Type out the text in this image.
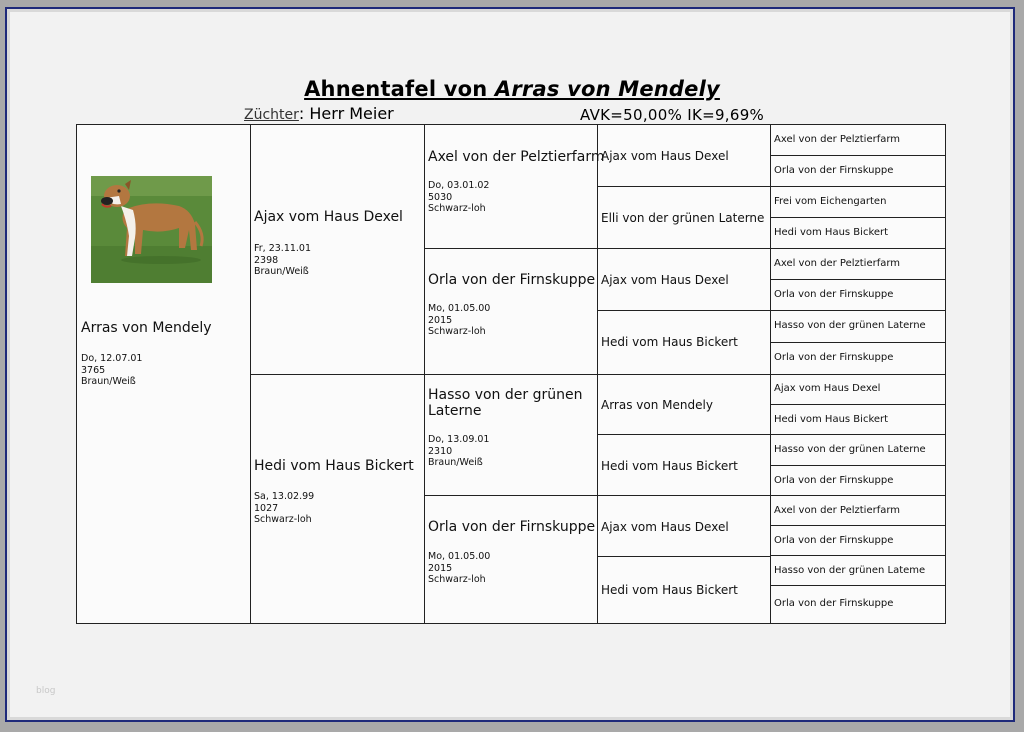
Ahnentafel von Arras von Mendely
Züchter: Herr Meier	AVK=50,00% IK=9,69%
Arras von Mendely
Do, 12.07.01
3765
Braun/Weiß
Ajax vom Haus Dexel
Fr, 23.11.01
2398
Braun/Weiß
Hedi vom Haus Bickert
Sa, 13.02.99
1027
Schwarz-loh
Axel von der Pelztierfarm
Do, 03.01.02
5030
Schwarz-loh
Orla von der Firnskuppe
Mo, 01.05.00
2015
Schwarz-loh
Hasso von der grünen
Laterne
Do, 13.09.01
2310
Braun/Weiß
Orla von der Firnskuppe
Mo, 01.05.00
2015
Schwarz-loh
Ajax vom Haus Dexel
Elli von der grünen Laterne
Ajax vom Haus Dexel
Hedi vom Haus Bickert
Arras von Mendely
Hedi vom Haus Bickert
Ajax vom Haus Dexel
Hedi vom Haus Bickert
Axel von der Pelztierfarm
Orla von der Firnskuppe
Frei vom Eichengarten
Hedi vom Haus Bickert
Axel von der Pelztierfarm
Orla von der Firnskuppe
Hasso von der grünen Laterne
Orla von der Firnskuppe
Ajax vom Haus Dexel
Hedi vom Haus Bickert
Hasso von der grünen Laterne
Orla von der Firnskuppe
Axel von der Pelztierfarm
Orla von der Firnskuppe
Hasso von der grünen Lateme
Orla von der Firnskuppe
blog
